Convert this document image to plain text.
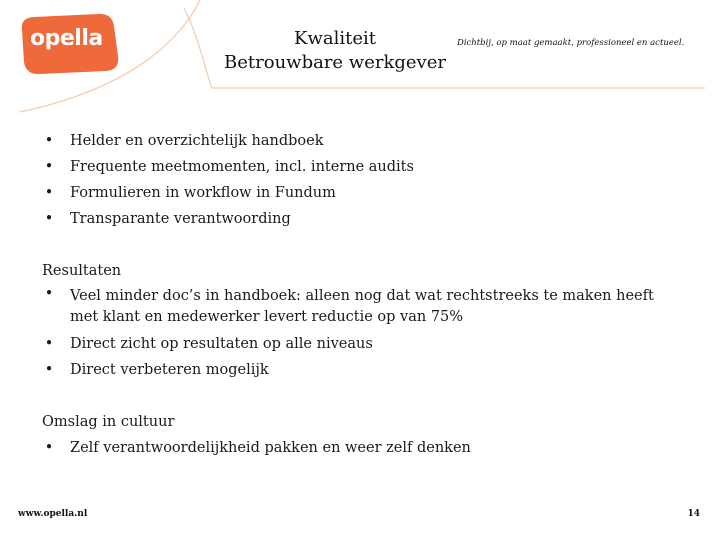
opella	Kwaliteit
Betrouwbare werkgever
Dichtbij, op maat gemaakt, professioneel en actueel.
• Helder en overzichtelijk handboek
• Frequente meetmomenten, incl. interne audits
• Formulieren in workflow in Fundum
• Transparante verantwoording
Resultaten
• Veel minder doc’s in handboek: alleen nog dat wat rechtstreeks te maken heeft met klant en medewerker levert reductie op van 75%
• Direct zicht op resultaten op alle niveaus
• Direct verbeteren mogelijk
Omslag in cultuur
• Zelf verantwoordelijkheid pakken en weer zelf denken
www.opella.nl	14
